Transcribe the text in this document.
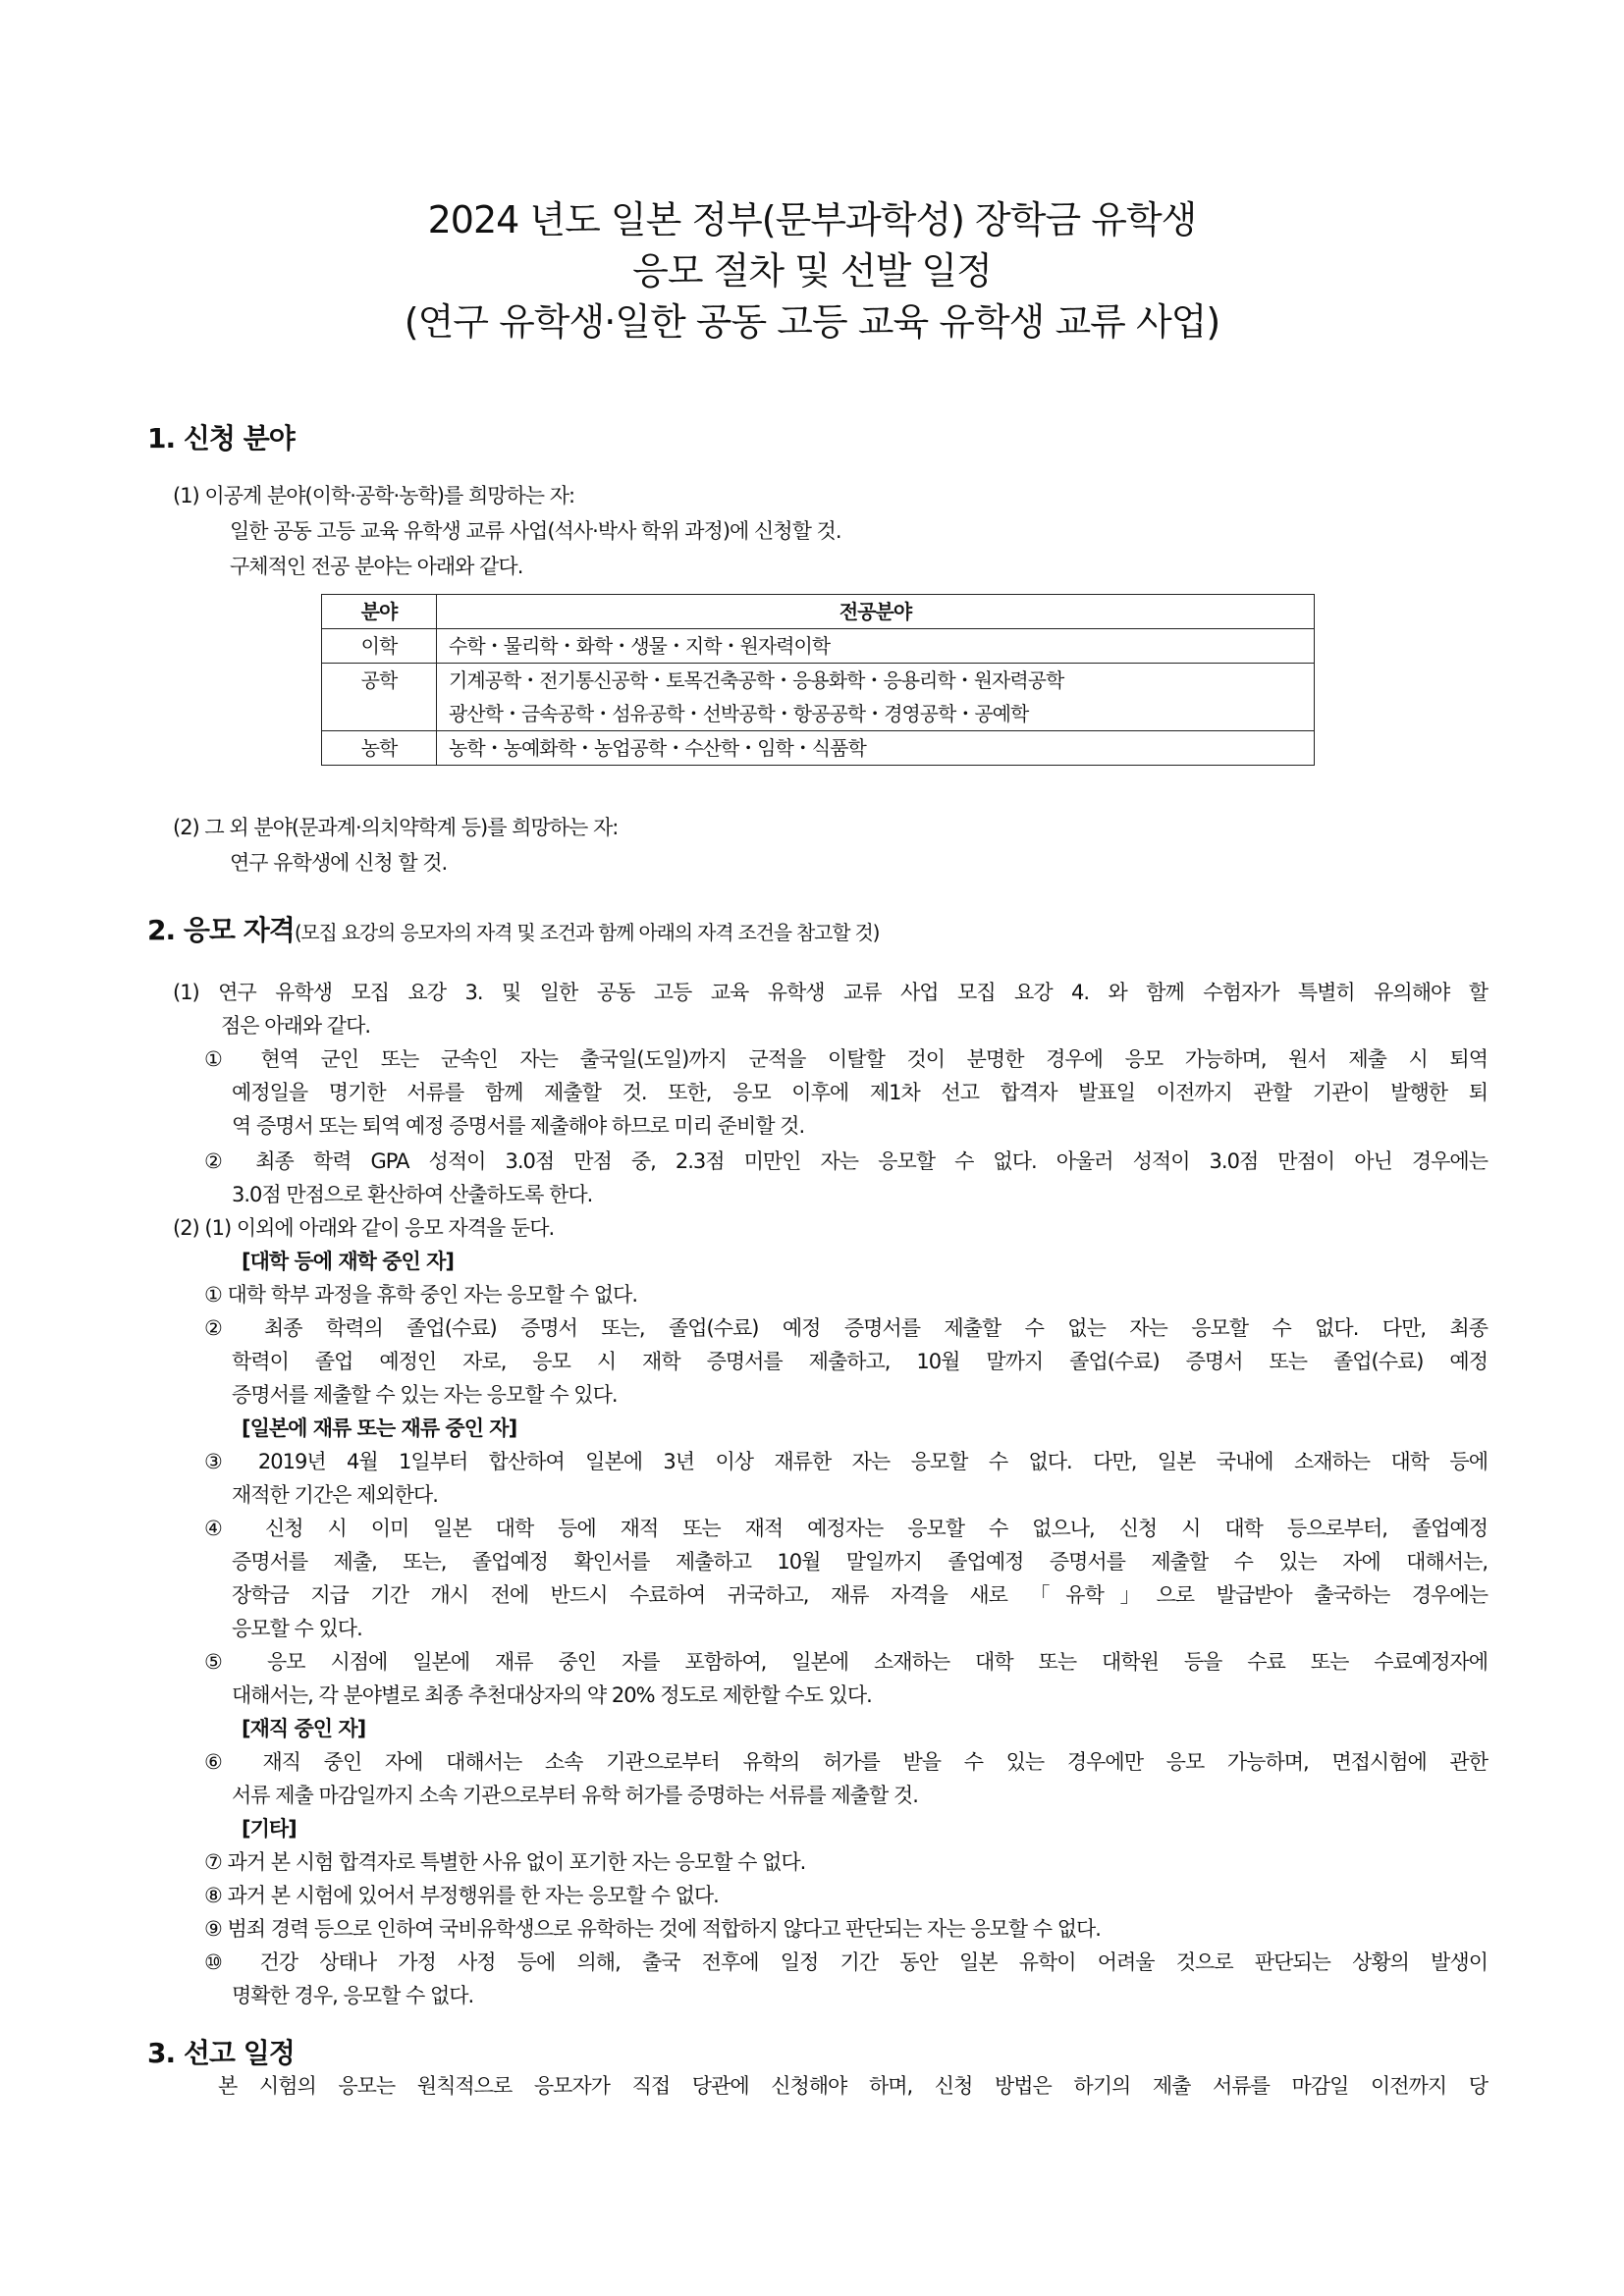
2024 년도 일본 정부(문부과학성) 장학금 유학생
응모 절차 및 선발 일정
(연구 유학생·일한 공동 고등 교육 유학생 교류 사업)
1. 신청 분야
(1) 이공계 분야(이학·공학·농학)를 희망하는 자:
일한 공동 고등 교육 유학생 교류 사업(석사·박사 학위 과정)에 신청할 것.
구체적인 전공 분야는 아래와 같다.
분야	전공분야
이학	수학・물리학・화학・생물・지학・원자력이학
공학	기계공학・전기통신공학・토목건축공학・응용화학・응용리학・원자력공학
광산학・금속공학・섬유공학・선박공학・항공공학・경영공학・공예학
농학	농학・농예화학・농업공학・수산학・임학・식품학
(2) 그 외 분야(문과계·의치약학계 등)를 희망하는 자:
연구 유학생에 신청 할 것.
2. 응모 자격(모집 요강의 응모자의 자격 및 조건과 함께 아래의 자격 조건을 참고할 것)
(1) 연구 유학생 모집 요강 3. 및 일한 공동 고등 교육 유학생 교류 사업 모집 요강 4. 와 함께 수험자가 특별히 유의해야 할
점은 아래와 같다.
① 현역 군인 또는 군속인 자는 출국일(도일)까지 군적을 이탈할 것이 분명한 경우에 응모 가능하며, 원서 제출 시 퇴역
예정일을 명기한 서류를 함께 제출할 것. 또한, 응모 이후에 제1차 선고 합격자 발표일 이전까지 관할 기관이 발행한 퇴
역 증명서 또는 퇴역 예정 증명서를 제출해야 하므로 미리 준비할 것.
② 최종 학력 GPA 성적이 3.0점 만점 중, 2.3점 미만인 자는 응모할 수 없다. 아울러 성적이 3.0점 만점이 아닌 경우에는
3.0점 만점으로 환산하여 산출하도록 한다.
(2) (1) 이외에 아래와 같이 응모 자격을 둔다.
[대학 등에 재학 중인 자]
① 대학 학부 과정을 휴학 중인 자는 응모할 수 없다.
② 최종 학력의 졸업(수료) 증명서 또는, 졸업(수료) 예정 증명서를 제출할 수 없는 자는 응모할 수 없다. 다만, 최종
학력이 졸업 예정인 자로, 응모 시 재학 증명서를 제출하고, 10월 말까지 졸업(수료) 증명서 또는 졸업(수료) 예정
증명서를 제출할 수 있는 자는 응모할 수 있다.
[일본에 재류 또는 재류 중인 자]
③ 2019년 4월 1일부터 합산하여 일본에 3년 이상 재류한 자는 응모할 수 없다. 다만, 일본 국내에 소재하는 대학 등에
재적한 기간은 제외한다.
④ 신청 시 이미 일본 대학 등에 재적 또는 재적 예정자는 응모할 수 없으나, 신청 시 대학 등으로부터, 졸업예정
증명서를 제출, 또는, 졸업예정 확인서를 제출하고 10월 말일까지 졸업예정 증명서를 제출할 수 있는 자에 대해서는,
장학금 지급 기간 개시 전에 반드시 수료하여 귀국하고, 재류 자격을 새로 「유학」으로 발급받아 출국하는 경우에는
응모할 수 있다.
⑤ 응모 시점에 일본에 재류 중인 자를 포함하여, 일본에 소재하는 대학 또는 대학원 등을 수료 또는 수료예정자에
대해서는, 각 분야별로 최종 추천대상자의 약 20% 정도로 제한할 수도 있다.
[재직 중인 자]
⑥ 재직 중인 자에 대해서는 소속 기관으로부터 유학의 허가를 받을 수 있는 경우에만 응모 가능하며, 면접시험에 관한
서류 제출 마감일까지 소속 기관으로부터 유학 허가를 증명하는 서류를 제출할 것.
[기타]
⑦ 과거 본 시험 합격자로 특별한 사유 없이 포기한 자는 응모할 수 없다.
⑧ 과거 본 시험에 있어서 부정행위를 한 자는 응모할 수 없다.
⑨ 범죄 경력 등으로 인하여 국비유학생으로 유학하는 것에 적합하지 않다고 판단되는 자는 응모할 수 없다.
⑩ 건강 상태나 가정 사정 등에 의해, 출국 전후에 일정 기간 동안 일본 유학이 어려울 것으로 판단되는 상황의 발생이
명확한 경우, 응모할 수 없다.
3. 선고 일정
본 시험의 응모는 원칙적으로 응모자가 직접 당관에 신청해야 하며, 신청 방법은 하기의 제출 서류를 마감일 이전까지 당
